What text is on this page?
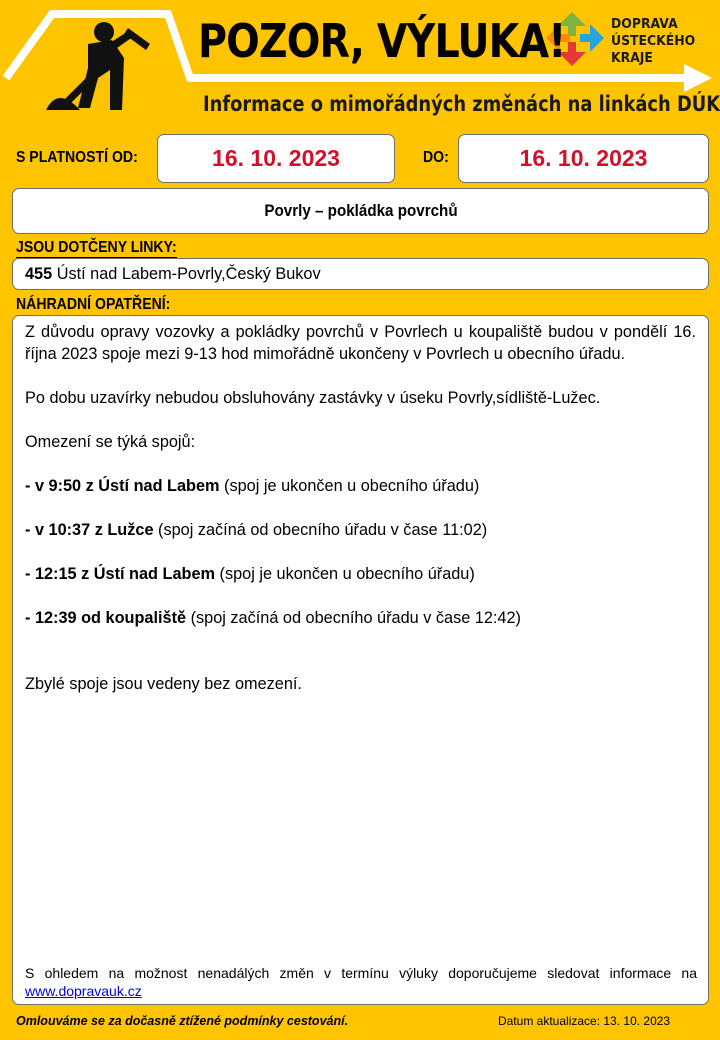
POZOR, VÝLUKA!
Informace o mimořádných změnách na linkách DÚK
DOPRAVA
ÚSTECKÉHO
KRAJE
S PLATNOSTÍ OD:	16. 10. 2023	DO:	16. 10. 2023
Povrly – pokládka povrchů
JSOU DOTČENY LINKY:
455 Ústí nad Labem-Povrly,Český Bukov
NÁHRADNÍ OPATŘENÍ:

Z důvodu opravy vozovky a pokládky povrchů v Povrlech u koupaliště budou v pondělí 16. října 2023 spoje mezi 9-13 hod mimořádně ukončeny v Povrlech u obecního úřadu.

Po dobu uzavírky nebudou obsluhovány zastávky v úseku Povrly,sídliště-Lužec.

Omezení se týká spojů:

- v 9:50 z Ústí nad Labem (spoj je ukončen u obecního úřadu)

- v 10:37 z Lužce (spoj začíná od obecního úřadu v čase 11:02)

- 12:15 z Ústí nad Labem (spoj je ukončen u obecního úřadu)

- 12:39 od koupaliště (spoj začíná od obecního úřadu v čase 12:42)

Zbylé spoje jsou vedeny bez omezení.

S ohledem na možnost nenadálých změn v termínu výluky doporučujeme sledovat informace na www.dopravauk.cz
Omlouváme se za dočasně ztížené podmínky cestování.	Datum aktualizace: 13. 10. 2023
